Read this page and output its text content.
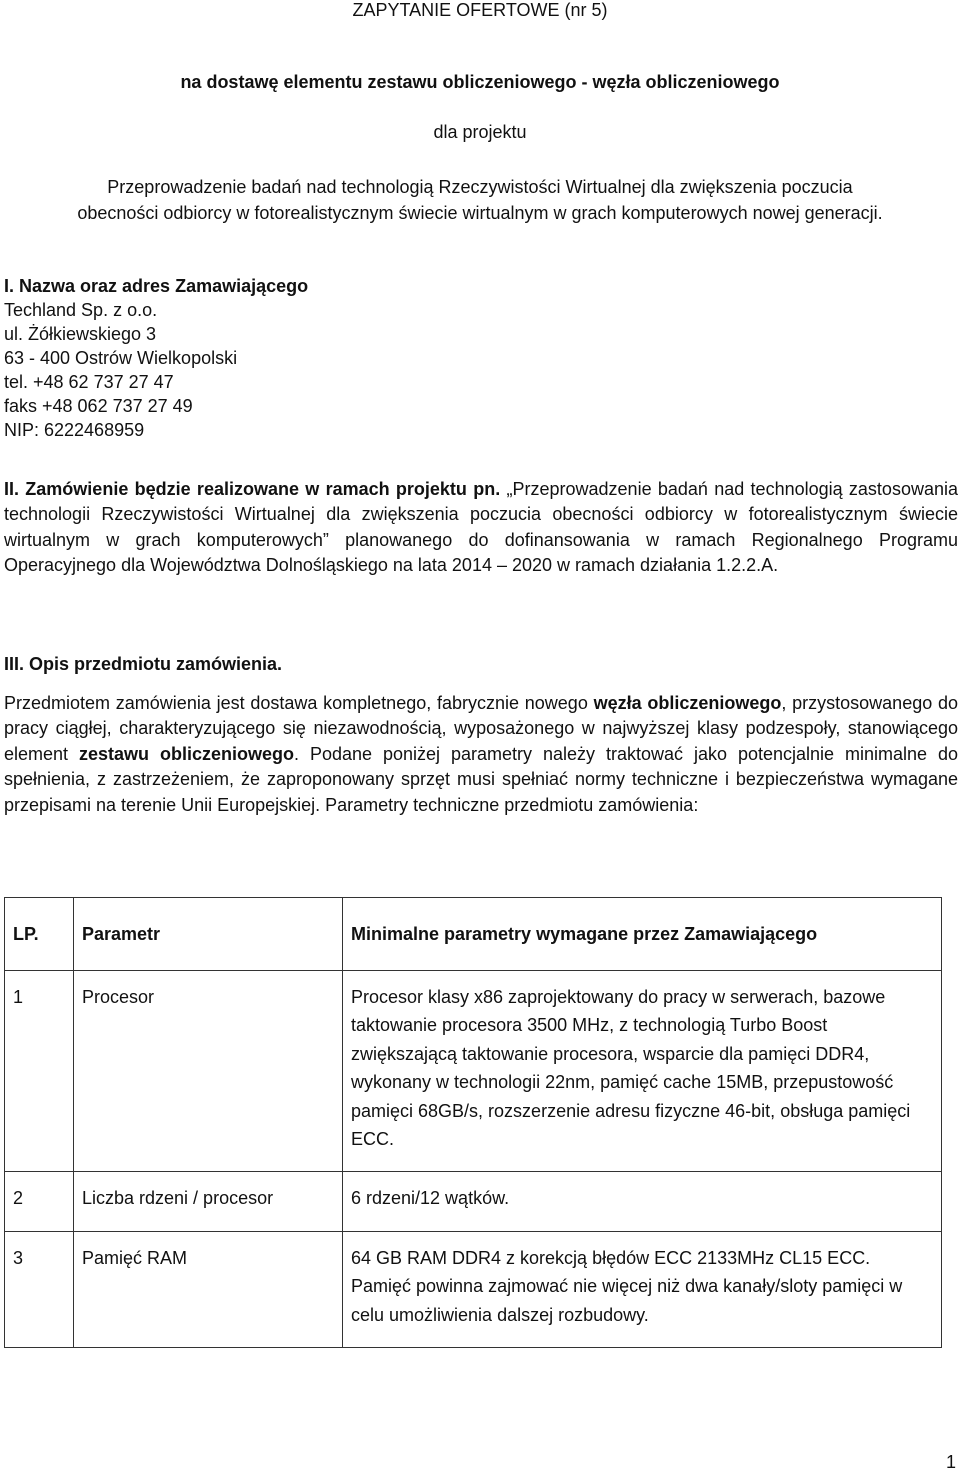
ZAPYTANIE OFERTOWE (nr 5)
na dostawę elementu zestawu obliczeniowego - węzła obliczeniowego
dla projektu
Przeprowadzenie badań nad technologią Rzeczywistości Wirtualnej dla zwiększenia poczucia
obecności odbiorcy w fotorealistycznym świecie wirtualnym w grach komputerowych nowej generacji.
I. Nazwa oraz adres Zamawiającego
Techland Sp. z o.o.
ul. Żółkiewskiego 3
63 - 400 Ostrów Wielkopolski
tel. +48 62 737 27 47
faks +48 062 737 27 49
NIP: 6222468959
II. Zamówienie będzie realizowane w ramach projektu pn. „Przeprowadzenie badań nad technologią zastosowania technologii Rzeczywistości Wirtualnej dla zwiększenia poczucia obecności odbiorcy w fotorealistycznym świecie wirtualnym w grach komputerowych” planowanego do dofinansowania w ramach Regionalnego Programu Operacyjnego dla Województwa Dolnośląskiego na lata 2014 – 2020 w ramach działania 1.2.2.A.
III. Opis przedmiotu zamówienia.
Przedmiotem zamówienia jest dostawa kompletnego, fabrycznie nowego węzła obliczeniowego, przystosowanego do pracy ciągłej, charakteryzującego się niezawodnością, wyposażonego w najwyższej klasy podzespoły, stanowiącego element zestawu obliczeniowego. Podane poniżej parametry należy traktować jako potencjalnie minimalne do spełnienia, z zastrzeżeniem, że zaproponowany sprzęt musi spełniać normy techniczne i bezpieczeństwa wymagane przepisami na terenie Unii Europejskiej. Parametry techniczne przedmiotu zamówienia:
LP.	Parametr	Minimalne parametry wymagane przez Zamawiającego
1	Procesor	Procesor klasy x86 zaprojektowany do pracy w serwerach, bazowe taktowanie procesora 3500 MHz, z technologią Turbo Boost zwiększającą taktowanie procesora, wsparcie dla pamięci DDR4, wykonany w technologii 22nm, pamięć cache 15MB, przepustowość pamięci 68GB/s, rozszerzenie adresu fizyczne 46-bit, obsługa pamięci ECC.
2	Liczba rdzeni / procesor	6 rdzeni/12 wątków.
3	Pamięć RAM	64 GB RAM DDR4 z korekcją błędów ECC 2133MHz CL15 ECC. Pamięć powinna zajmować nie więcej niż dwa kanały/sloty pamięci w celu umożliwienia dalszej rozbudowy.
1
